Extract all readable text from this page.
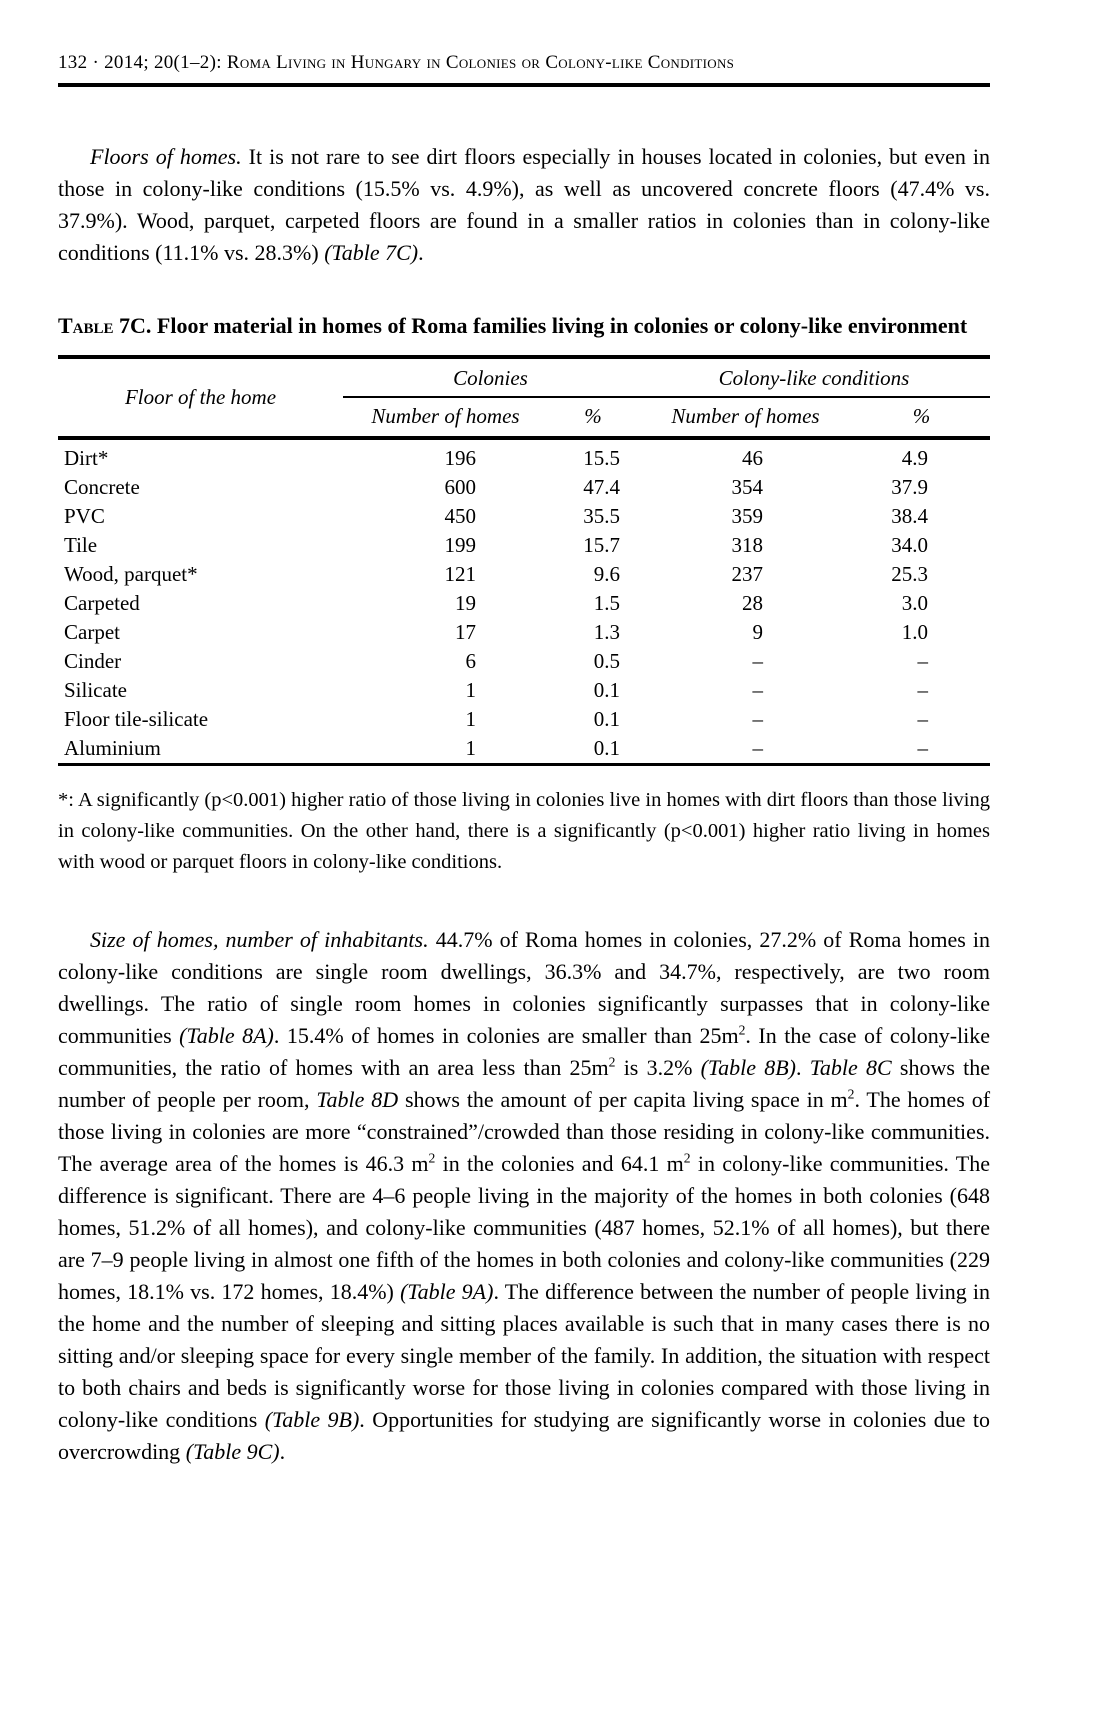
132 · 2014; 20(1–2): Roma Living in Hungary in Colonies or Colony-like Conditions

Floors of homes. It is not rare to see dirt floors especially in houses located in colonies, but even in those in colony-like conditions (15.5% vs. 4.9%), as well as uncovered concrete floors (47.4% vs. 37.9%). Wood, parquet, carpeted floors are found in a smaller ratios in colonies than in colony-like conditions (11.1% vs. 28.3%) (Table 7C).

Table 7C. Floor material in homes of Roma families living in colonies or colony-like environment
Floor of the home	Colonies		Colony-like conditions	
	Number of homes	%	Number of homes	%
Dirt*	196	15.5	46	4.9
Concrete	600	47.4	354	37.9
PVC	450	35.5	359	38.4
Tile	199	15.7	318	34.0
Wood, parquet*	121	9.6	237	25.3
Carpeted	19	1.5	28	3.0
Carpet	17	1.3	9	1.0
Cinder	6	0.5	–	–
Silicate	1	0.1	–	–
Floor tile-silicate	1	0.1	–	–
Aluminium	1	0.1	–	–
*: A significantly (p<0.001) higher ratio of those living in colonies live in homes with dirt floors than those living in colony-like communities. On the other hand, there is a significantly (p<0.001) higher ratio living in homes with wood or parquet floors in colony-like conditions.

Size of homes, number of inhabitants. 44.7% of Roma homes in colonies, 27.2% of Roma homes in colony-like conditions are single room dwellings, 36.3% and 34.7%, respectively, are two room dwellings. The ratio of single room homes in colonies significantly surpasses that in colony-like communities (Table 8A). 15.4% of homes in colonies are smaller than $25m^2$. In the case of colony-like communities, the ratio of homes with an area less than $25m^2$ is 3.2% (Table 8B). Table 8C shows the number of people per room, Table 8D shows the amount of per capita living space in $m^2$. The homes of those living in colonies are more “constrained”/crowded than those residing in colony-like communities. The average area of the homes is 46.3 $m^2$ in the colonies and 64.1 $m^2$ in colony-like communities. The difference is significant. There are 4–6 people living in the majority of the homes in both colonies (648 homes, 51.2% of all homes), and colony-like communities (487 homes, 52.1% of all homes), but there are 7–9 people living in almost one fifth of the homes in both colonies and colony-like communities (229 homes, 18.1% vs. 172 homes, 18.4%) (Table 9A). The difference between the number of people living in the home and the number of sleeping and sitting places available is such that in many cases there is no sitting and/or sleeping space for every single member of the family. In addition, the situation with respect to both chairs and beds is significantly worse for those living in colonies compared with those living in colony-like conditions (Table 9B). Opportunities for studying are significantly worse in colonies due to overcrowding (Table 9C).
